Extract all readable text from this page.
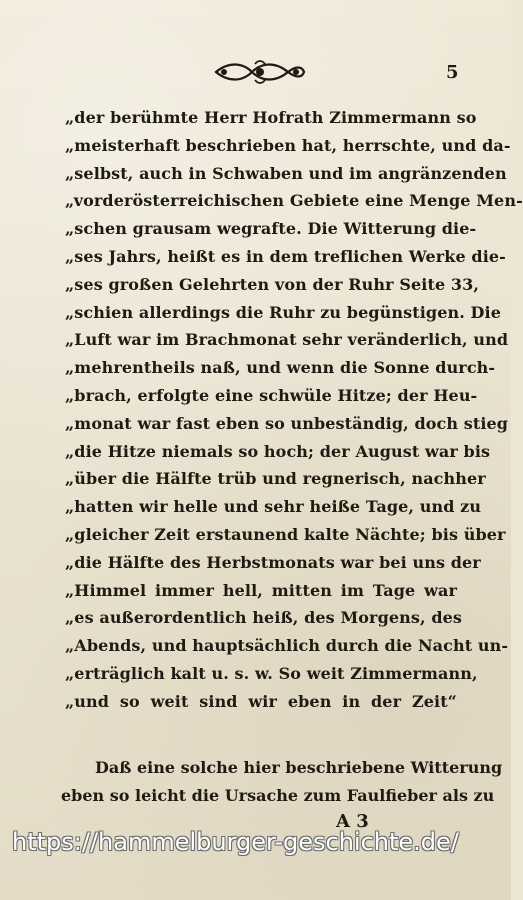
5
„der berühmte Herr Hofrath Zimmermann so
„meisterhaft beschrieben hat, herrschte, und da-
„selbst, auch in Schwaben und im angränzenden
„vorderösterreichischen Gebiete eine Menge Men-
„schen grausam wegrafte. Die Witterung die-
„ses Jahrs, heißt es in dem treflichen Werke die-
„ses großen Gelehrten von der Ruhr Seite 33,
„schien allerdings die Ruhr zu begünstigen. Die
„Luft war im Brachmonat sehr veränderlich, und
„mehrentheils naß, und wenn die Sonne durch-
„brach, erfolgte eine schwüle Hitze; der Heu-
„monat war fast eben so unbeständig, doch stieg
„die Hitze niemals so hoch; der August war bis
„über die Hälfte trüb und regnerisch, nachher
„hatten wir helle und sehr heiße Tage, und zu
„gleicher Zeit erstaunend kalte Nächte; bis über
„die Hälfte des Herbstmonats war bei uns der
„Himmel immer hell, mitten im Tage war
„es außerordentlich heiß, des Morgens, des
„Abends, und hauptsächlich durch die Nacht un-
„erträglich kalt u. s. w. So weit Zimmermann,
„und so weit sind wir eben in der Zeit“
Daß eine solche hier beschriebene Witterung
eben so leicht die Ursache zum Faulfieber als zu
A 3
https://hammelburger-geschichte.de/
